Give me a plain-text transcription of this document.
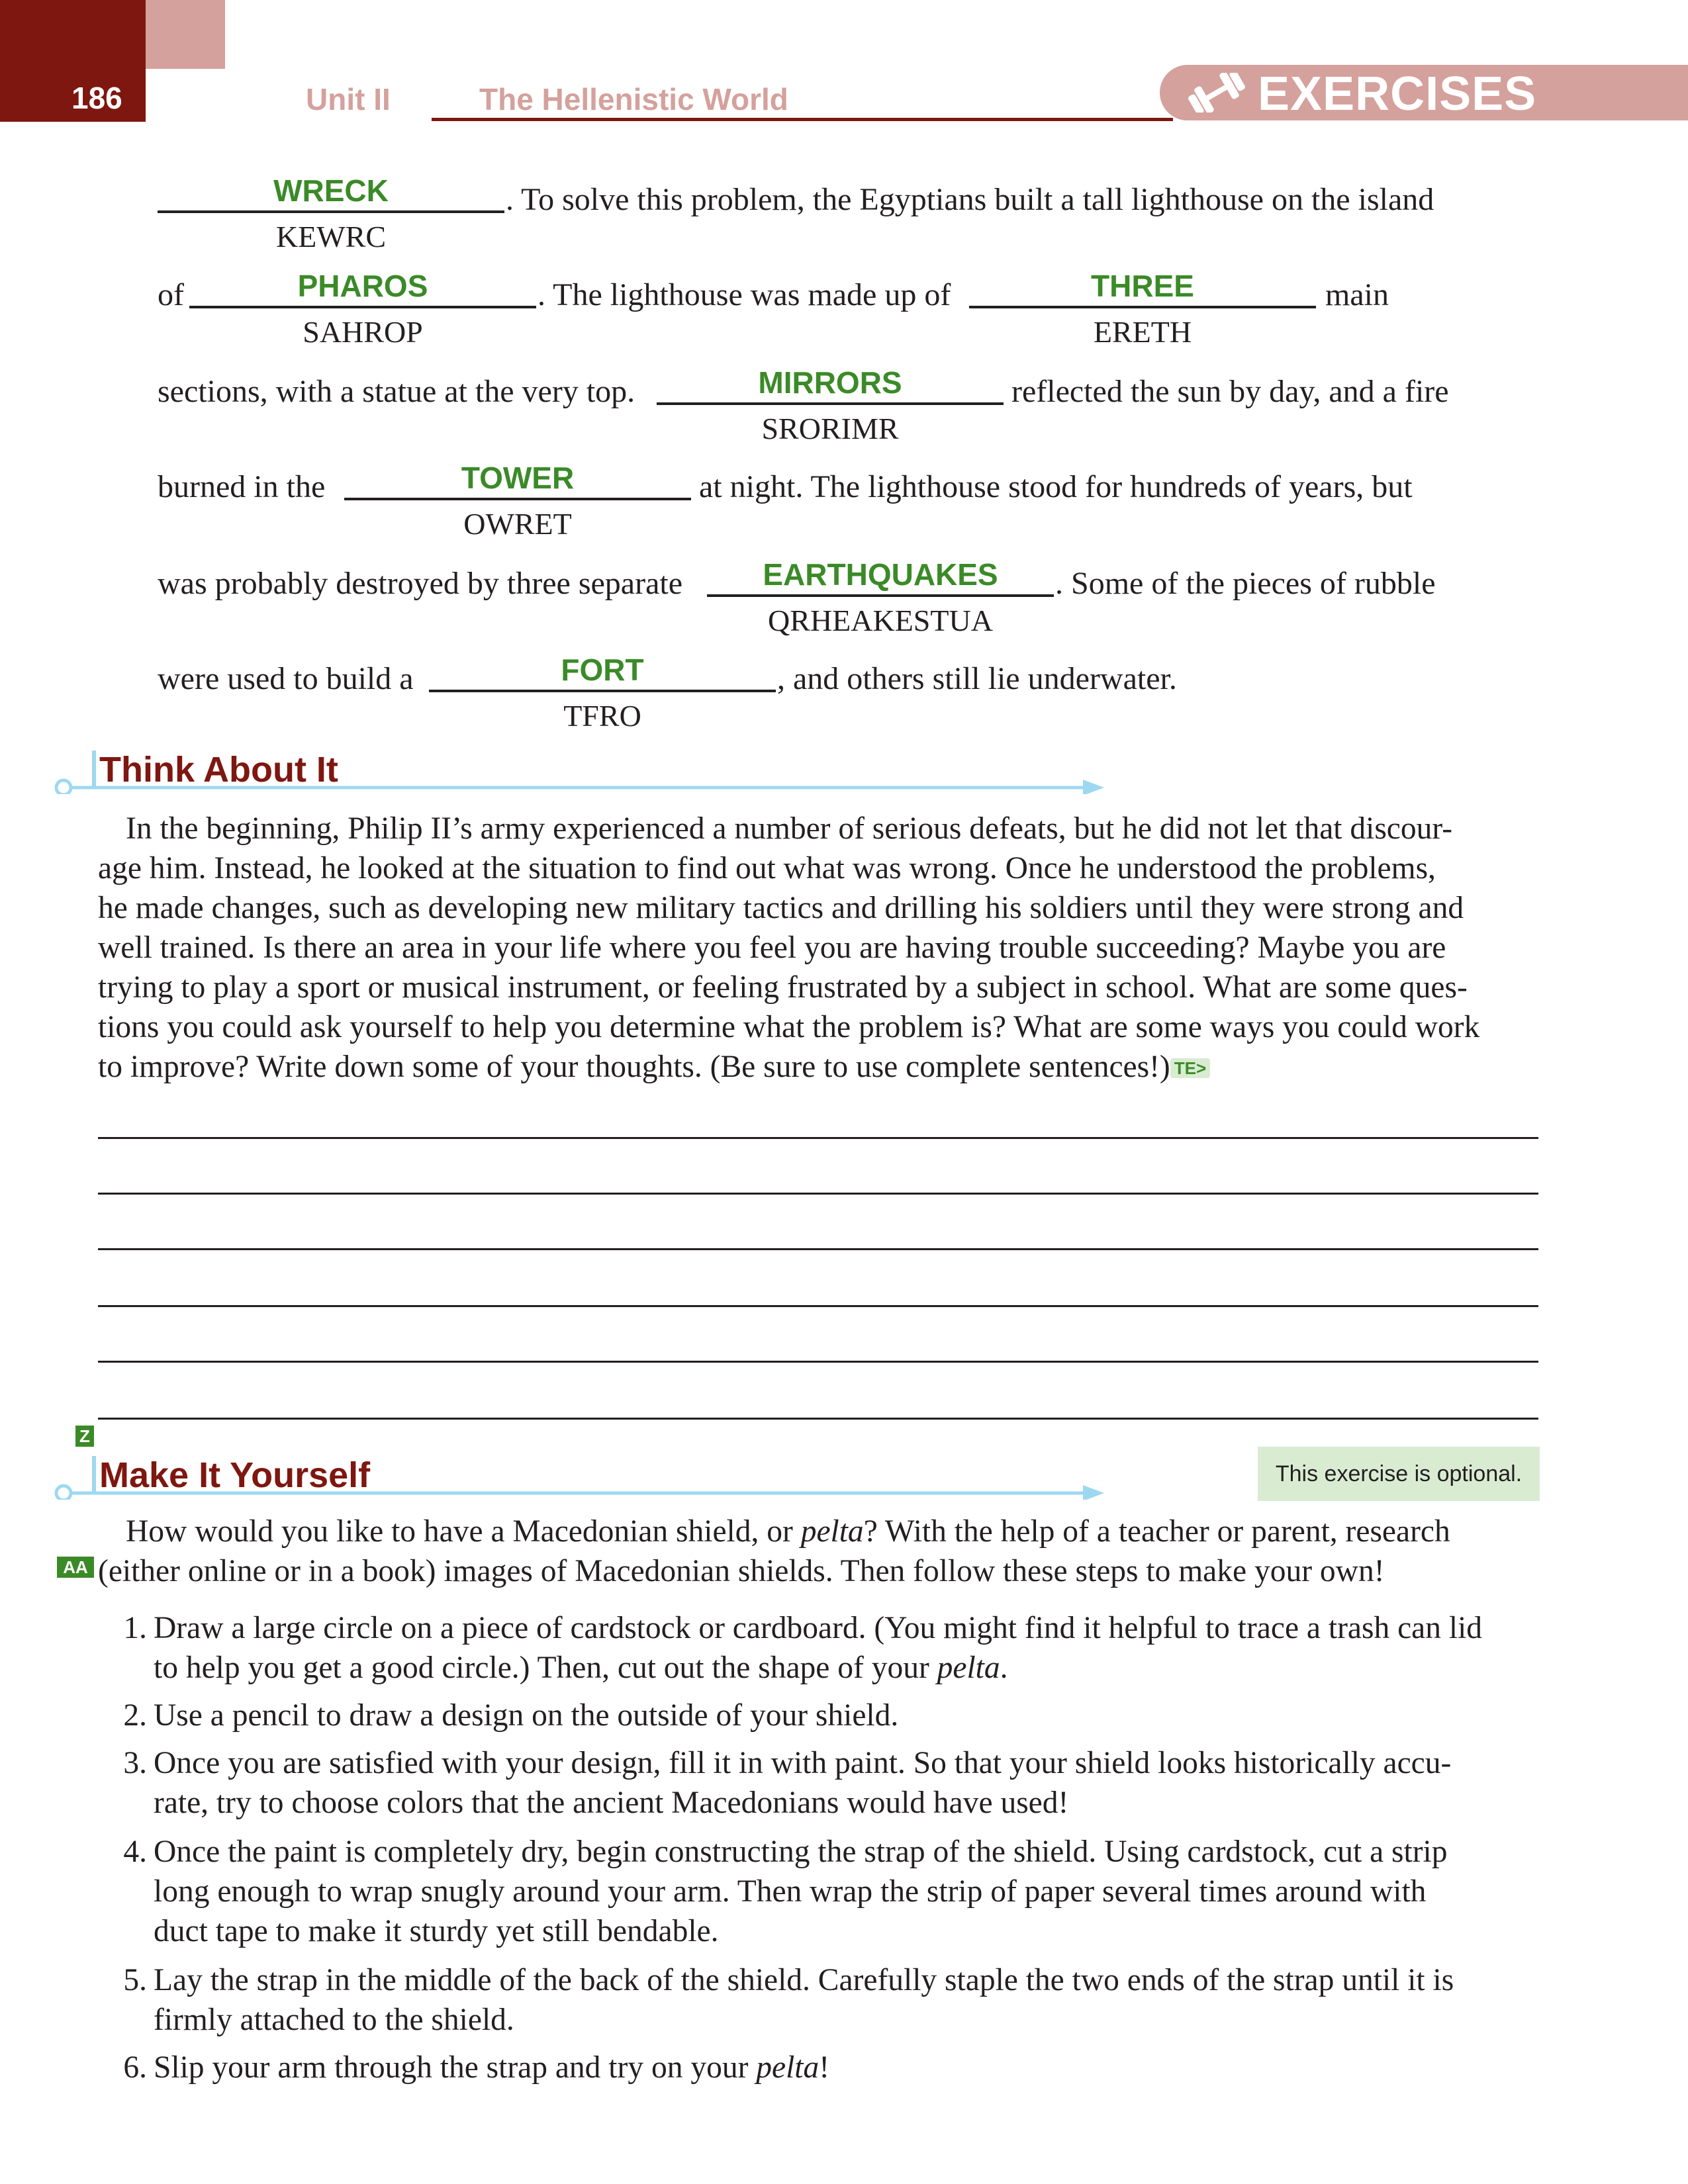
186	Unit II	The Hellenistic World	EXERCISES
WRECK
KEWRC
. To solve this problem, the Egyptians built a tall lighthouse on the island
of	PHAROS
SAHROP
. The lighthouse was made up of	THREE
ERETH
main
sections, with a statue at the very top.	MIRRORS
SRORIMR
reflected the sun by day, and a fire
burned in the	TOWER
OWRET
at night. The lighthouse stood for hundreds of years, but
was probably destroyed by three separate	EARTHQUAKES
QRHEAKESTUA
. Some of the pieces of rubble
were used to build a	FORT
TFRO
, and others still lie underwater.
Think About It
In the beginning, Philip II’s army experienced a number of serious defeats, but he did not let that discour-
age him. Instead, he looked at the situation to find out what was wrong. Once he understood the problems,
he made changes, such as developing new military tactics and drilling his soldiers until they were strong and
well trained. Is there an area in your life where you feel you are having trouble succeeding? Maybe you are
trying to play a sport or musical instrument, or feeling frustrated by a subject in school. What are some ques-
tions you could ask yourself to help you determine what the problem is? What are some ways you could work
to improve? Write down some of your thoughts. (Be sure to use complete sentences!) TE>
Z
Make It Yourself	This exercise is optional.
How would you like to have a Macedonian shield, or pelta? With the help of a teacher or parent, research
AA (either online or in a book) images of Macedonian shields. Then follow these steps to make your own!
1. Draw a large circle on a piece of cardstock or cardboard. (You might find it helpful to trace a trash can lid
to help you get a good circle.) Then, cut out the shape of your pelta.
2. Use a pencil to draw a design on the outside of your shield.
3. Once you are satisfied with your design, fill it in with paint. So that your shield looks historically accu-
rate, try to choose colors that the ancient Macedonians would have used!
4. Once the paint is completely dry, begin constructing the strap of the shield. Using cardstock, cut a strip
long enough to wrap snugly around your arm. Then wrap the strip of paper several times around with
duct tape to make it sturdy yet still bendable.
5. Lay the strap in the middle of the back of the shield. Carefully staple the two ends of the strap until it is
firmly attached to the shield.
6. Slip your arm through the strap and try on your pelta!
